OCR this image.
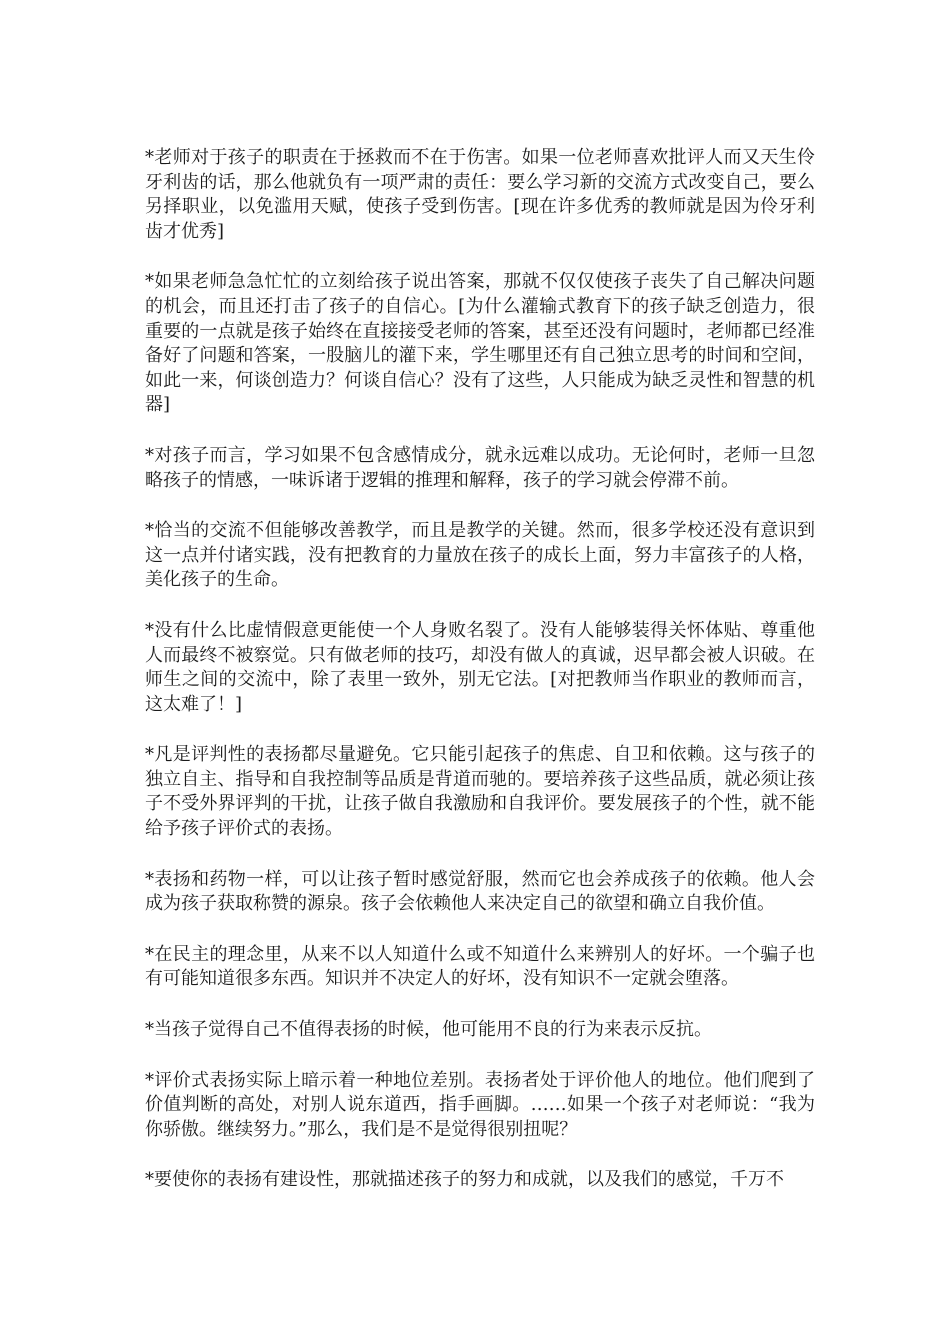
*老师对于孩子的职责在于拯救而不在于伤害。如果一位老师喜欢批评人而又天生伶牙利齿的话，那么他就负有一项严肃的责任：要么学习新的交流方式改变自己，要么另择职业，以免滥用天赋，使孩子受到伤害。[现在许多优秀的教师就是因为伶牙利齿才优秀]

*如果老师急急忙忙的立刻给孩子说出答案，那就不仅仅使孩子丧失了自己解决问题的机会，而且还打击了孩子的自信心。[为什么灌输式教育下的孩子缺乏创造力，很重要的一点就是孩子始终在直接接受老师的答案，甚至还没有问题时，老师都已经准备好了问题和答案，一股脑儿的灌下来，学生哪里还有自己独立思考的时间和空间，如此一来，何谈创造力？何谈自信心？没有了这些，人只能成为缺乏灵性和智慧的机器]

*对孩子而言，学习如果不包含感情成分，就永远难以成功。无论何时，老师一旦忽略孩子的情感，一味诉诸于逻辑的推理和解释，孩子的学习就会停滞不前。

*恰当的交流不但能够改善教学，而且是教学的关键。然而，很多学校还没有意识到这一点并付诸实践，没有把教育的力量放在孩子的成长上面，努力丰富孩子的人格，美化孩子的生命。

*没有什么比虚情假意更能使一个人身败名裂了。没有人能够装得关怀体贴、尊重他人而最终不被察觉。只有做老师的技巧，却没有做人的真诚，迟早都会被人识破。在师生之间的交流中，除了表里一致外，别无它法。[对把教师当作职业的教师而言，这太难了！]

*凡是评判性的表扬都尽量避免。它只能引起孩子的焦虑、自卫和依赖。这与孩子的独立自主、指导和自我控制等品质是背道而驰的。要培养孩子这些品质，就必须让孩子不受外界评判的干扰，让孩子做自我激励和自我评价。要发展孩子的个性，就不能给予孩子评价式的表扬。

*表扬和药物一样，可以让孩子暂时感觉舒服，然而它也会养成孩子的依赖。他人会成为孩子获取称赞的源泉。孩子会依赖他人来决定自己的欲望和确立自我价值。

*在民主的理念里，从来不以人知道什么或不知道什么来辨别人的好坏。一个骗子也有可能知道很多东西。知识并不决定人的好坏，没有知识不一定就会堕落。

*当孩子觉得自己不值得表扬的时候，他可能用不良的行为来表示反抗。

*评价式表扬实际上暗示着一种地位差别。表扬者处于评价他人的地位。他们爬到了价值判断的高处，对别人说东道西，指手画脚。……如果一个孩子对老师说：“我为你骄傲。继续努力。”那么，我们是不是觉得很别扭呢？

*要使你的表扬有建设性，那就描述孩子的努力和成就，以及我们的感觉，千万不
